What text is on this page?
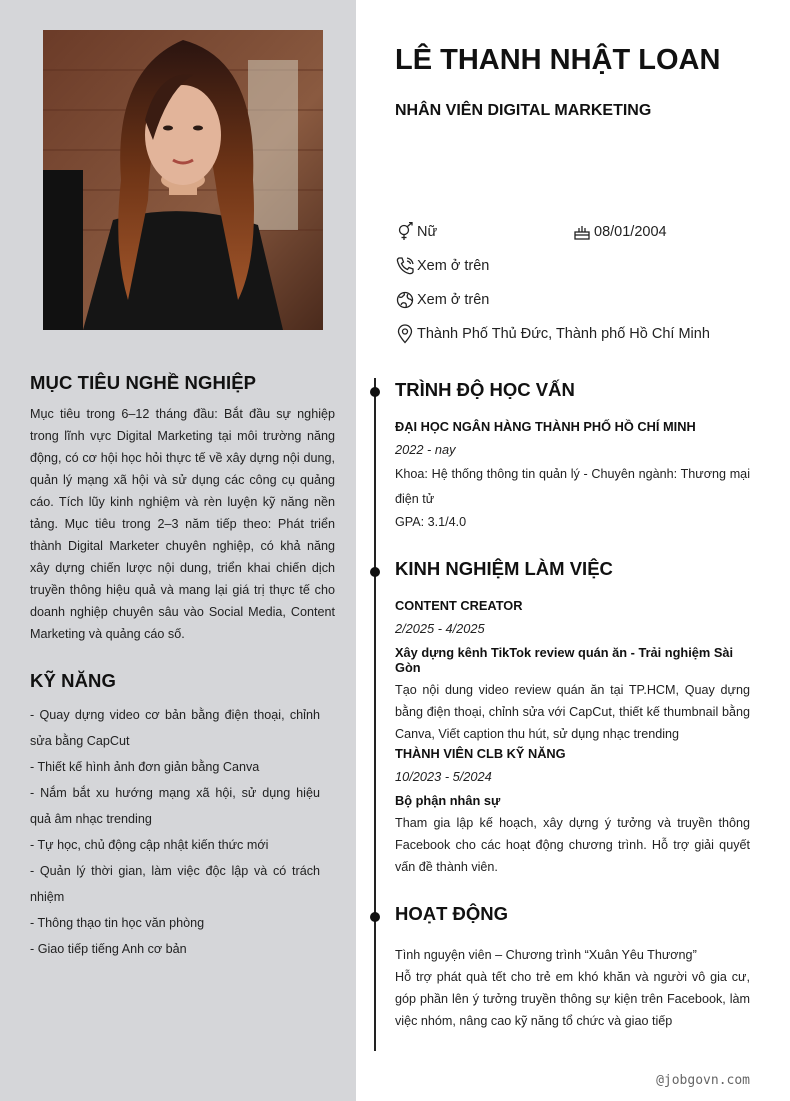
MỤC TIÊU NGHỀ NGHIỆP
Mục tiêu trong 6–12 tháng đầu: Bắt đầu sự nghiệp trong lĩnh vực Digital Marketing tại môi trường năng động, có cơ hội học hỏi thực tế về xây dựng nội dung, quản lý mạng xã hội và sử dụng các công cụ quảng cáo. Tích lũy kinh nghiệm và rèn luyện kỹ năng nền tảng. Mục tiêu trong 2–3 năm tiếp theo: Phát triển thành Digital Marketer chuyên nghiệp, có khả năng xây dựng chiến lược nội dung, triển khai chiến dịch truyền thông hiệu quả và mang lại giá trị thực tế cho doanh nghiệp chuyên sâu vào Social Media, Content Marketing và quảng cáo số.
KỸ NĂNG
- Quay dựng video cơ bản bằng điện thoại, chỉnh sửa bằng CapCut
- Thiết kế hình ảnh đơn giản bằng Canva
- Nắm bắt xu hướng mạng xã hội, sử dụng hiệu quả âm nhạc trending
- Tự học, chủ động cập nhật kiến thức mới
- Quản lý thời gian, làm việc độc lập và có trách nhiệm
- Thông thạo tin học văn phòng
- Giao tiếp tiếng Anh cơ bản
LÊ THANH NHẬT LOAN
NHÂN VIÊN DIGITAL MARKETING
Nữ	08/01/2004
Xem ở trên
Xem ở trên
Thành Phố Thủ Đức, Thành phố Hồ Chí Minh
TRÌNH ĐỘ HỌC VẤN
ĐẠI HỌC NGÂN HÀNG THÀNH PHỐ HỒ CHÍ MINH
2022 - nay
Khoa: Hệ thống thông tin quản lý - Chuyên ngành: Thương mại điện tử
GPA: 3.1/4.0
KINH NGHIỆM LÀM VIỆC
CONTENT CREATOR
2/2025 - 4/2025
Xây dựng kênh TikTok review quán ăn - Trải nghiệm Sài Gòn
Tạo nội dung video review quán ăn tại TP.HCM, Quay dựng bằng điện thoại, chỉnh sửa với CapCut, thiết kế thumbnail bằng Canva, Viết caption thu hút, sử dụng nhạc trending
THÀNH VIÊN CLB KỸ NĂNG
10/2023 - 5/2024
Bộ phận nhân sự
Tham gia lập kế hoạch, xây dựng ý tưởng và truyền thông Facebook cho các hoạt động chương trình. Hỗ trợ giải quyết vấn đề thành viên.
HOẠT ĐỘNG
Tình nguyện viên – Chương trình “Xuân Yêu Thương”
Hỗ trợ phát quà tết cho trẻ em khó khăn và người vô gia cư, góp phần lên ý tưởng truyền thông sự kiện trên Facebook, làm việc nhóm, nâng cao kỹ năng tổ chức và giao tiếp
@jobgovn.com
